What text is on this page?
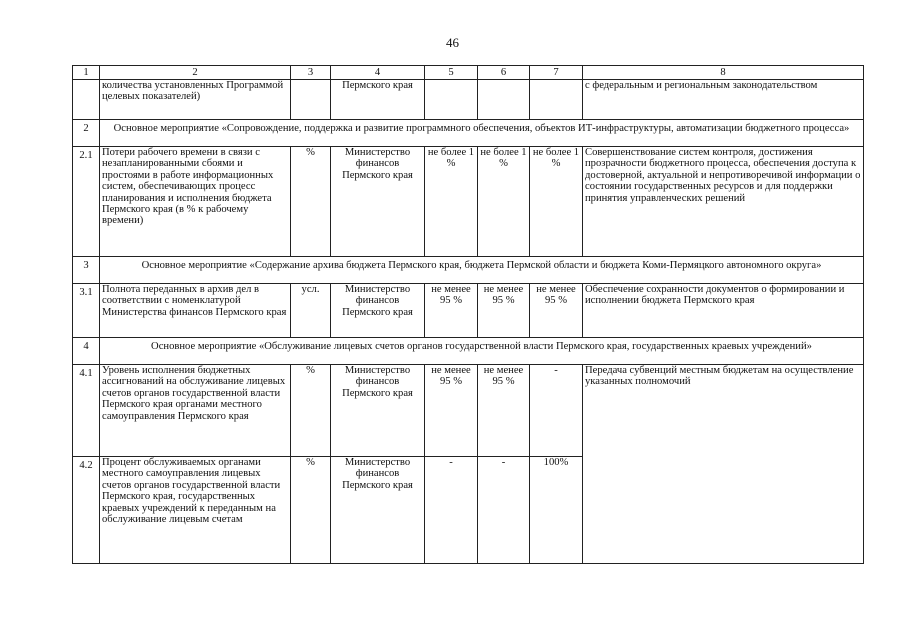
46
1	2	3	4	5	6	7	8
	количества установленных Программой целевых показателей)		Пермского края				с федеральным и региональным законодательством
2	Основное мероприятие «Сопровождение, поддержка и развитие программного обеспечения, объектов ИТ-инфраструктуры, автоматизации бюджетного процесса»						
2.1	Потери рабочего времени в связи с незапланированными сбоями и простоями в работе информационных систем, обеспечивающих процесс планирования и исполнения бюджета Пермского края (в % к рабочему времени)	%	Министерство финансов Пермского края	не более 1 %	не более 1 %	не более 1 %	Совершенствование систем контроля, достижения прозрачности бюджетного процесса, обеспечения доступа к достоверной, актуальной и непротиворечивой информации о состоянии государственных ресурсов и для поддержки принятия управленческих решений
3	Основное мероприятие «Содержание архива бюджета Пермского края, бюджета Пермской области и бюджета Коми-Пермяцкого автономного округа»						
3.1	Полнота переданных в архив дел в соответствии с номенклатурой Министерства финансов Пермского края	усл.	Министерство финансов Пермского края	не менее 95 %	не менее 95 %	не менее 95 %	Обеспечение сохранности документов о формировании и исполнении бюджета Пермского края
4	Основное мероприятие «Обслуживание лицевых счетов органов государственной власти Пермского края, государственных краевых учреждений»						
4.1	Уровень исполнения бюджетных ассигнований на обслуживание лицевых счетов органов государственной власти Пермского края органами местного самоуправления Пермского края	%	Министерство финансов Пермского края	не менее 95 %	не менее 95 %	-	Передача субвенций местным бюджетам на осуществление указанных полномочий
4.2	Процент обслуживаемых органами местного самоуправления лицевых счетов органов государственной власти Пермского края, государственных краевых учреждений к переданным на обслуживание лицевым счетам	%	Министерство финансов Пермского края	-	-	100%	
